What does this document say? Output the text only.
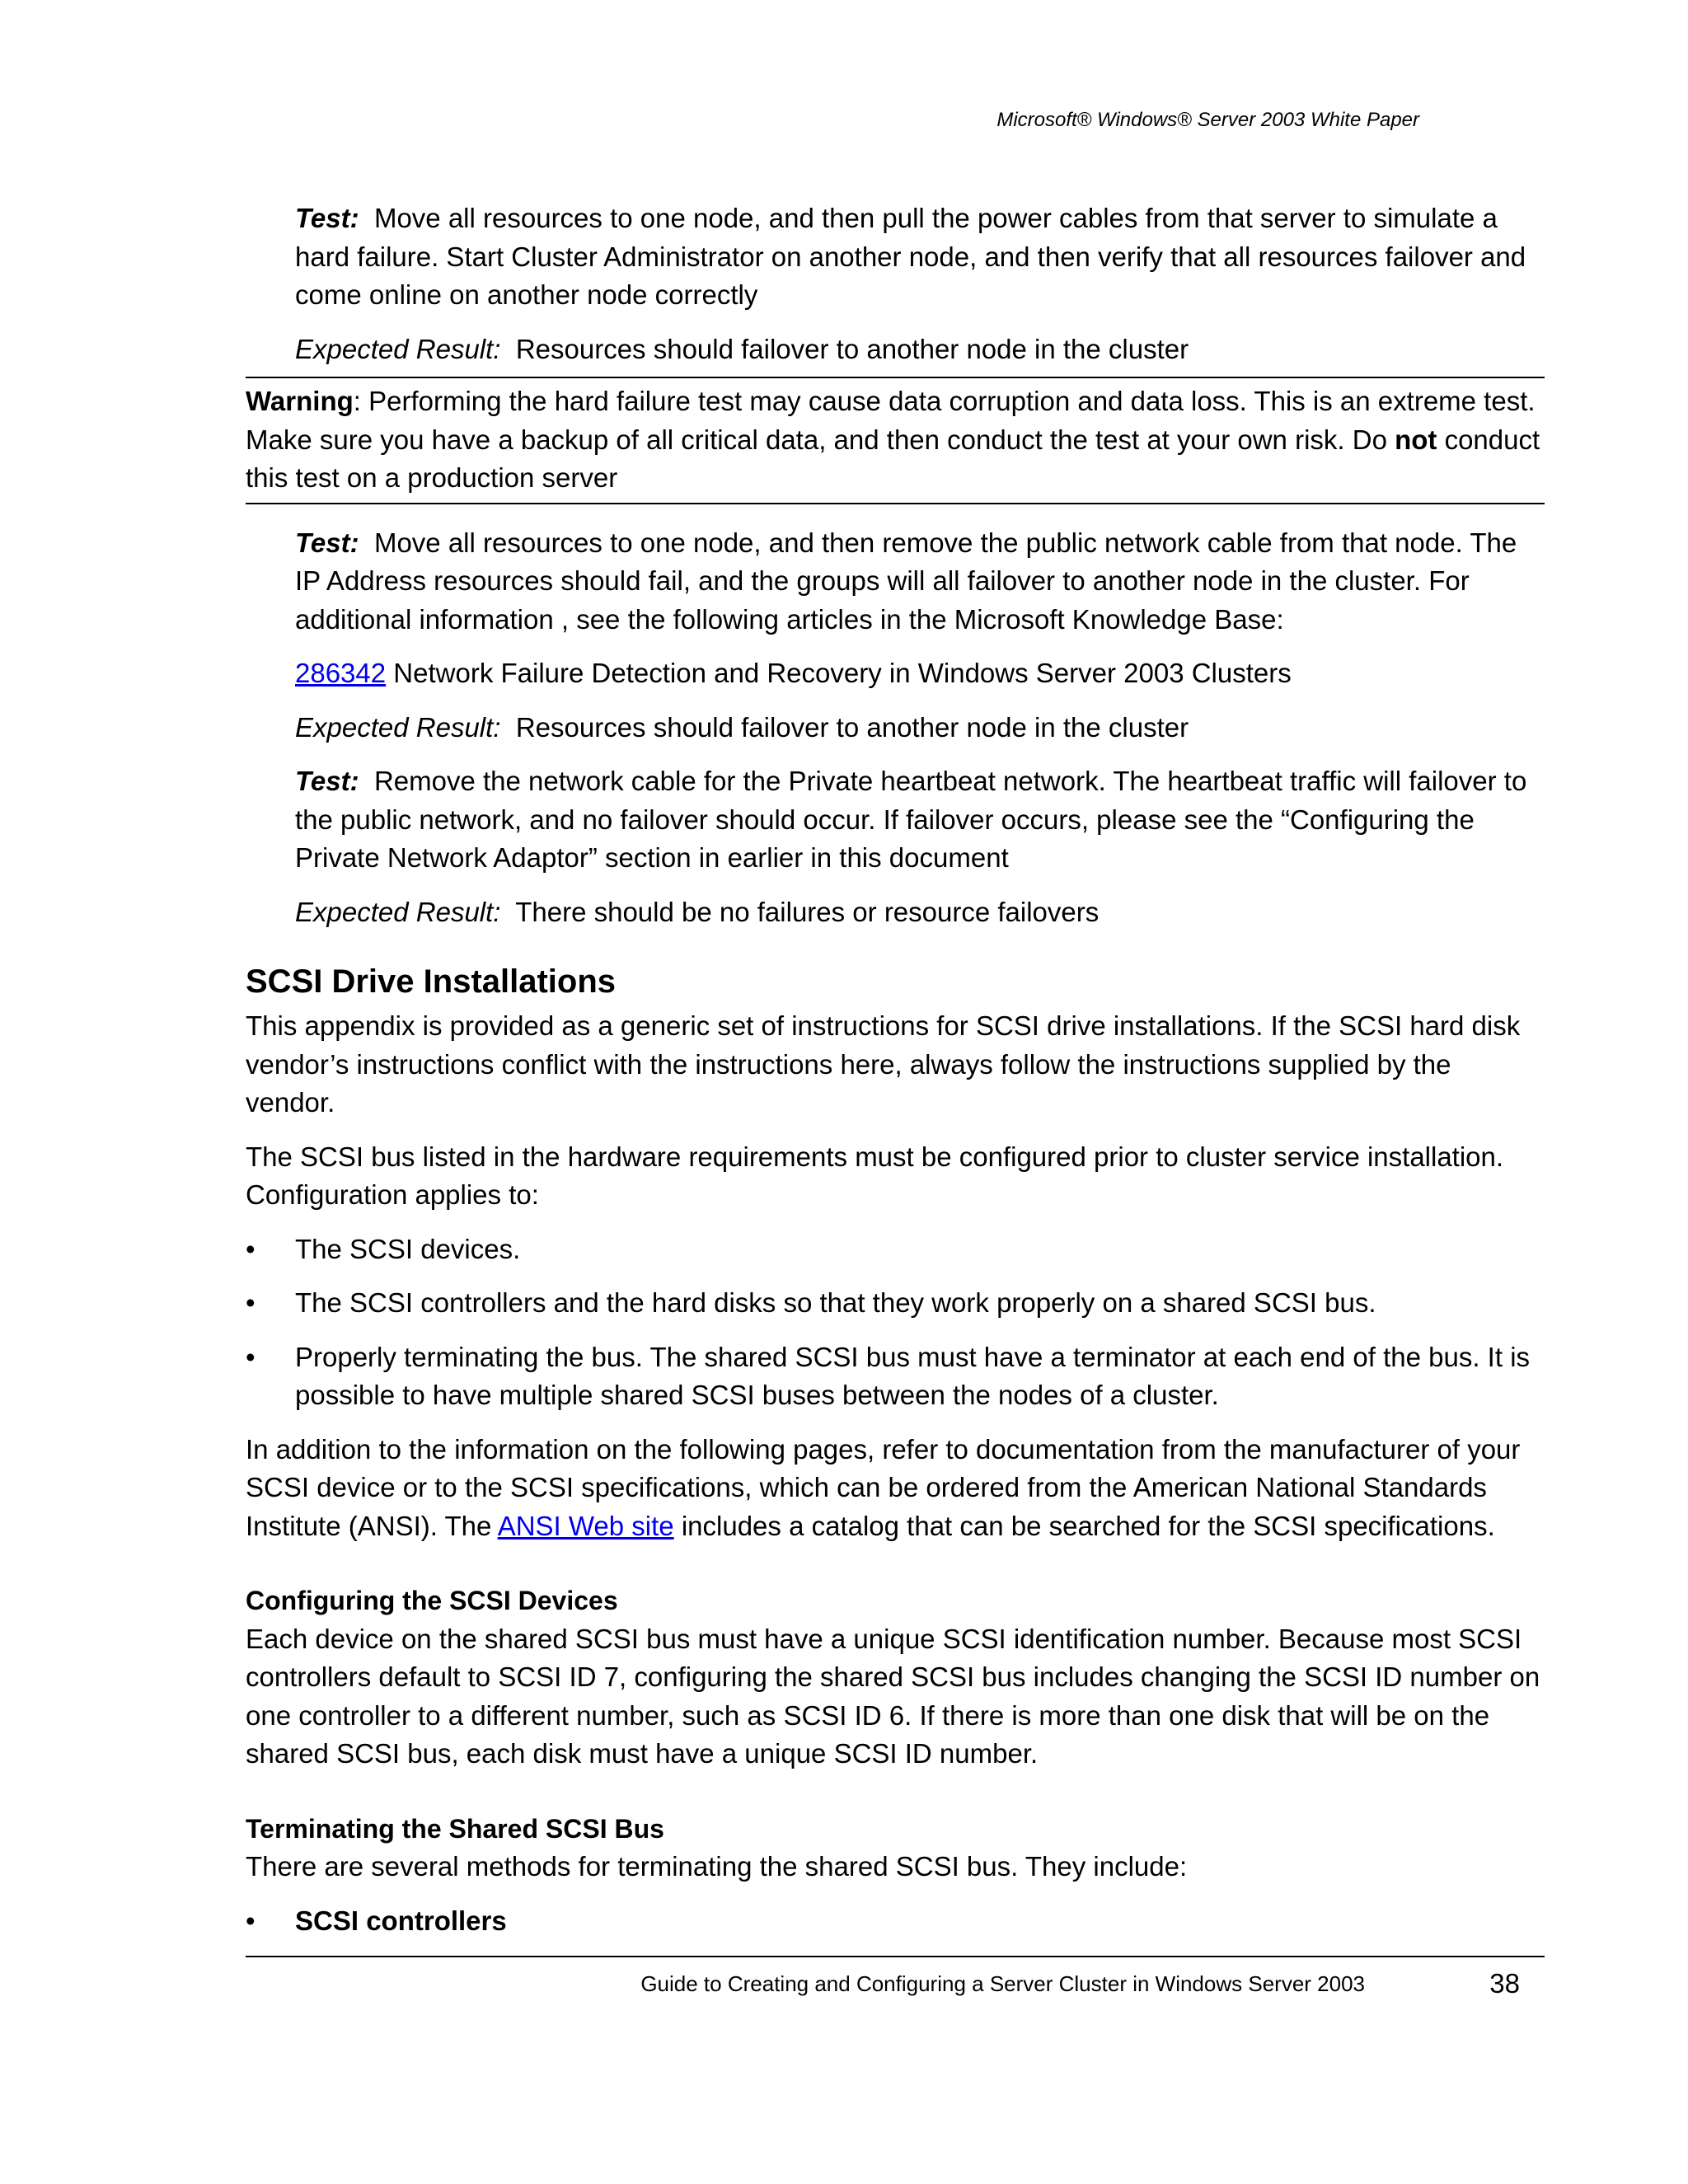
Microsoft® Windows® Server 2003 White Paper

Test: Move all resources to one node, and then pull the power cables from that server to simulate a hard failure. Start Cluster Administrator on another node, and then verify that all resources failover and come online on another node correctly

Expected Result: Resources should failover to another node in the cluster

Warning: Performing the hard failure test may cause data corruption and data loss. This is an extreme test. Make sure you have a backup of all critical data, and then conduct the test at your own risk. Do not conduct this test on a production server

Test: Move all resources to one node, and then remove the public network cable from that node. The IP Address resources should fail, and the groups will all failover to another node in the cluster. For additional information , see the following articles in the Microsoft Knowledge Base:

286342 Network Failure Detection and Recovery in Windows Server 2003 Clusters

Expected Result: Resources should failover to another node in the cluster

Test: Remove the network cable for the Private heartbeat network. The heartbeat traffic will failover to the public network, and no failover should occur. If failover occurs, please see the “Configuring the Private Network Adaptor” section in earlier in this document

Expected Result: There should be no failures or resource failovers

SCSI Drive Installations

This appendix is provided as a generic set of instructions for SCSI drive installations. If the SCSI hard disk vendor’s instructions conflict with the instructions here, always follow the instructions supplied by the vendor.

The SCSI bus listed in the hardware requirements must be configured prior to cluster service installation. Configuration applies to:

• The SCSI devices.
• The SCSI controllers and the hard disks so that they work properly on a shared SCSI bus.
• Properly terminating the bus. The shared SCSI bus must have a terminator at each end of the bus. It is possible to have multiple shared SCSI buses between the nodes of a cluster.

In addition to the information on the following pages, refer to documentation from the manufacturer of your SCSI device or to the SCSI specifications, which can be ordered from the American National Standards Institute (ANSI). The ANSI Web site includes a catalog that can be searched for the SCSI specifications.

Configuring the SCSI Devices

Each device on the shared SCSI bus must have a unique SCSI identification number. Because most SCSI controllers default to SCSI ID 7, configuring the shared SCSI bus includes changing the SCSI ID number on one controller to a different number, such as SCSI ID 6. If there is more than one disk that will be on the shared SCSI bus, each disk must have a unique SCSI ID number.

Terminating the Shared SCSI Bus

There are several methods for terminating the shared SCSI bus. They include:

• SCSI controllers
Guide to Creating and Configuring a Server Cluster in Windows Server 2003	38
